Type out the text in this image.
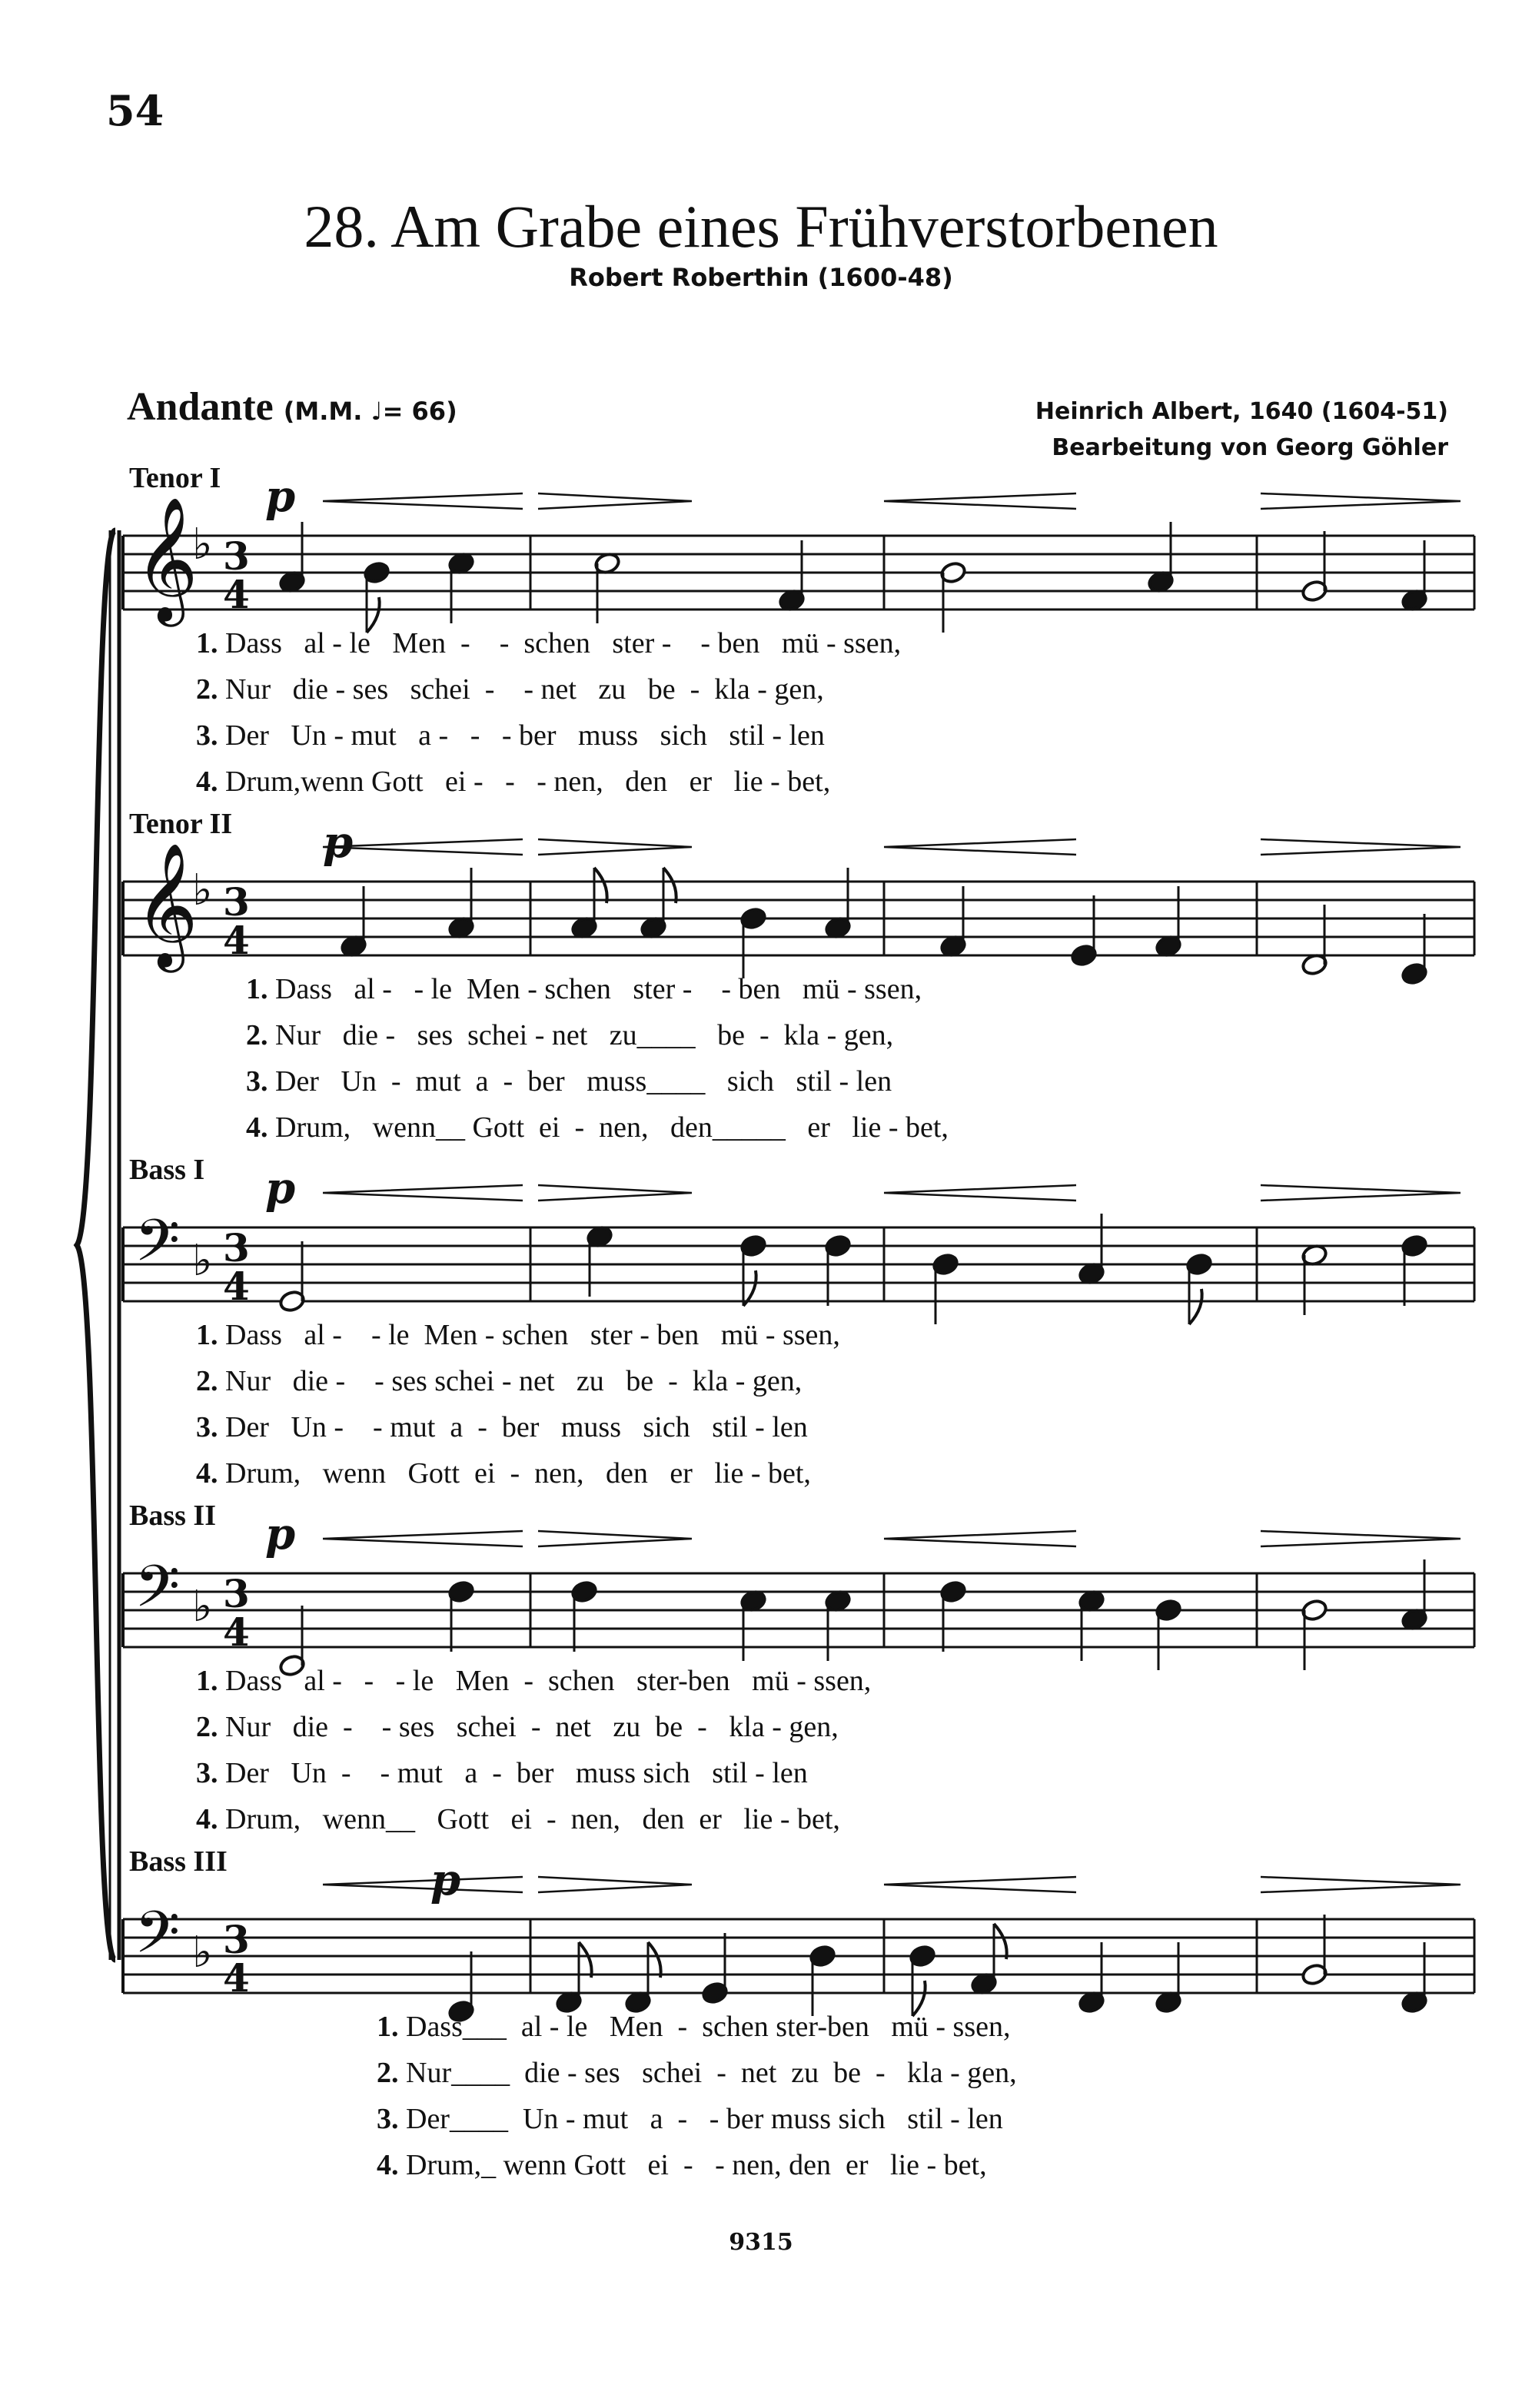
54
28. Am Grabe eines Frühverstorbenen
Robert Roberthin (1600-48)
Andante (M.M. ♩= 66)	Heinrich Albert, 1640 (1604-51)
Bearbeitung von Georg Göhler
𝄞
♭ 3
4
p
𝄞
♭ 3
4
p
𝄢 ♭ 3
4
p
𝄢 ♭ 3
4
p
𝄢 ♭ 3
4
p
Tenor I
1. Dass   al - le   Men  -    -  schen   ster -    - ben   mü - ssen,
2. Nur   die - ses   schei  -    - net   zu   be  -  kla - gen,
3. Der   Un - mut   a -   -   - ber   muss   sich   stil - len
4. Drum,wenn Gott   ei -   -   - nen,   den   er   lie - bet,
Tenor II
1. Dass   al -   - le  Men - schen   ster -    - ben   mü - ssen,
2. Nur   die -   ses  schei - net   zu____   be  -  kla - gen,
3. Der   Un  -  mut  a  -  ber   muss____   sich   stil - len
4. Drum,   wenn__ Gott  ei  -  nen,   den_____   er   lie - bet,
Bass I
1. Dass   al -    - le  Men - schen   ster - ben   mü - ssen,
2. Nur   die -    - ses schei - net   zu   be  -  kla - gen,
3. Der   Un -    - mut  a  -  ber   muss   sich   stil - len
4. Drum,   wenn   Gott  ei  -  nen,   den   er   lie - bet,
Bass II
1. Dass   al -   -   - le   Men  -  schen   ster-ben   mü - ssen,
2. Nur   die  -    - ses   schei  -  net   zu  be  -   kla - gen,
3. Der   Un  -    - mut   a  -  ber   muss sich   stil - len
4. Drum,   wenn__   Gott   ei  -  nen,   den  er   lie - bet,
Bass III
1. Dass___  al - le   Men  -  schen ster-ben   mü - ssen,
2. Nur____  die - ses   schei  -  net  zu  be  -   kla - gen,
3. Der____  Un - mut   a  -   - ber muss sich   stil - len
4. Drum,_ wenn Gott   ei  -   - nen, den  er   lie - bet,
9315
